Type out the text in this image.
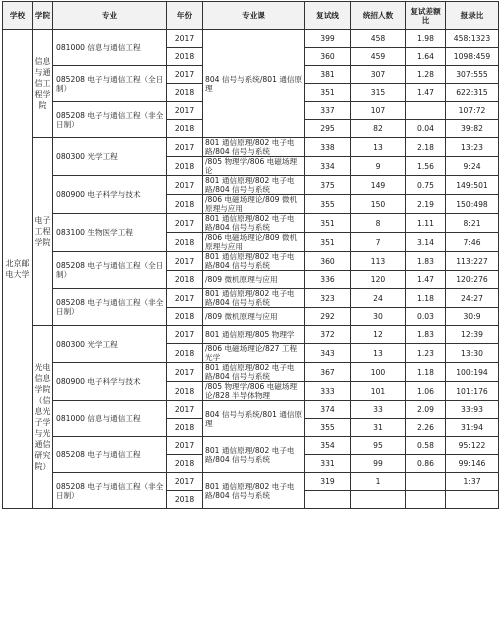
学校	学院	专业	年份	专业课	复试线	统招人数	复试差额比	报录比
北京邮电大学	信息与通信工程学院	081000 信息与通信工程	2017	804 信号与系统/801 通信原理	399	458	1.98	458:1323
			2018		360	459	1.64	1098:459
		085208 电子与通信工程（全日制）	2017		381	307	1.28	307:555
			2018		351	315	1.47	622:315
		085208 电子与通信工程（非全日制）	2017		337	107		107:72
			2018		295	82	0.04	39:82
	电子工程学院	080300 光学工程	2017	801 通信原理/802 电子电路/804 信号与系统	338	13	2.18	13:23
			2018	/805 物理学/806 电磁场理论	334	9	1.56	9:24
		080900 电子科学与技术	2017	801 通信原理/802 电子电路/804 信号与系统	375	149	0.75	149:501
			2018	/806 电磁场理论/809 微机原理与应用	355	150	2.19	150:498
		083100 生物医学工程	2017	801 通信原理/802 电子电路/804 信号与系统	351	8	1.11	8:21
			2018	/806 电磁场理论/809 微机原理与应用	351	7	3.14	7:46
		085208 电子与通信工程（全日制）	2017	801 通信原理/802 电子电路/804 信号与系统	360	113	1.83	113:227
			2018	/809 微机原理与应用	336	120	1.47	120:276
		085208 电子与通信工程（非全日制）	2017	801 通信原理/802 电子电路/804 信号与系统	323	24	1.18	24:27
			2018	/809 微机原理与应用	292	30	0.03	30:9
	光电信息学院（信息光子学与光通信研究院）	080300 光学工程	2017	801 通信原理/805 物理学	372	12	1.83	12:39
			2018	/806 电磁场理论/827 工程光学	343	13	1.23	13:30
		080900 电子科学与技术	2017	801 通信原理/802 电子电路/804 信号与系统	367	100	1.18	100:194
			2018	/805 物理学/806 电磁场理论/828 半导体物理	333	101	1.06	101:176
		081000 信息与通信工程	2017	804 信号与系统/801 通信原理	374	33	2.09	33:93
			2018		355	31	2.26	31:94
		085208 电子与通信工程	2017	801 通信原理/802 电子电路/804 信号与系统	354	95	0.58	95:122
			2018		331	99	0.86	99:146
		085208 电子与通信工程（非全日制）	2017	801 通信原理/802 电子电路/804 信号与系统	319	1		1:37
			2018					
